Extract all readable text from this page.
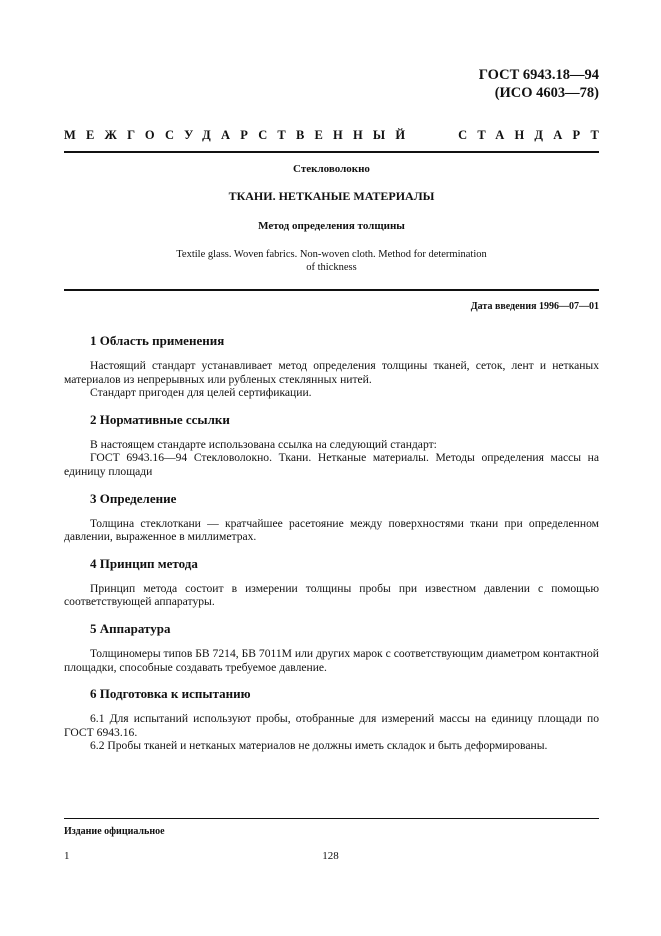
ГОСТ 6943.18—94
(ИСО 4603—78)
МЕЖГОСУДАРСТВЕННЫЙ	СТАНДАРТ

Стекловолокно

ТКАНИ. НЕТКАНЫЕ МАТЕРИАЛЫ

Метод определения толщины

Textile glass. Woven fabrics. Non-woven cloth. Method for determination
of thickness

Дата введения 1996—07—01
1 Область применения

Настоящий стандарт устанавливает метод определения толщины тканей, сеток, лент и нетканых материалов из непрерывных или рубленых стеклянных нитей.

Стандарт пригоден для целей сертификации.

2 Нормативные ссылки

В настоящем стандарте использована ссылка на следующий стандарт:

ГОСТ 6943.16—94 Стекловолокно. Ткани. Нетканые материалы. Методы определения массы на единицу площади

3 Определение

Толщина стеклоткани — кратчайшее расетояние между поверхностями ткани при определенном давлении, выраженное в миллиметрах.

4 Принцип метода

Принцип метода состоит в измерении толщины пробы при известном давлении с помощью соответствующей аппаратуры.

5 Аппаратура

Толщиномеры типов БВ 7214, БВ 7011М или других марок с соответствующим диаметром контактной площадки, способные создавать требуемое давление.

6 Подготовка к испытанию

6.1 Для испытаний используют пробы, отобранные для измерений массы на единицу площади по ГОСТ 6943.16.

6.2 Пробы тканей и нетканых материалов не должны иметь складок и быть деформированы.

Издание официальное
1	128
